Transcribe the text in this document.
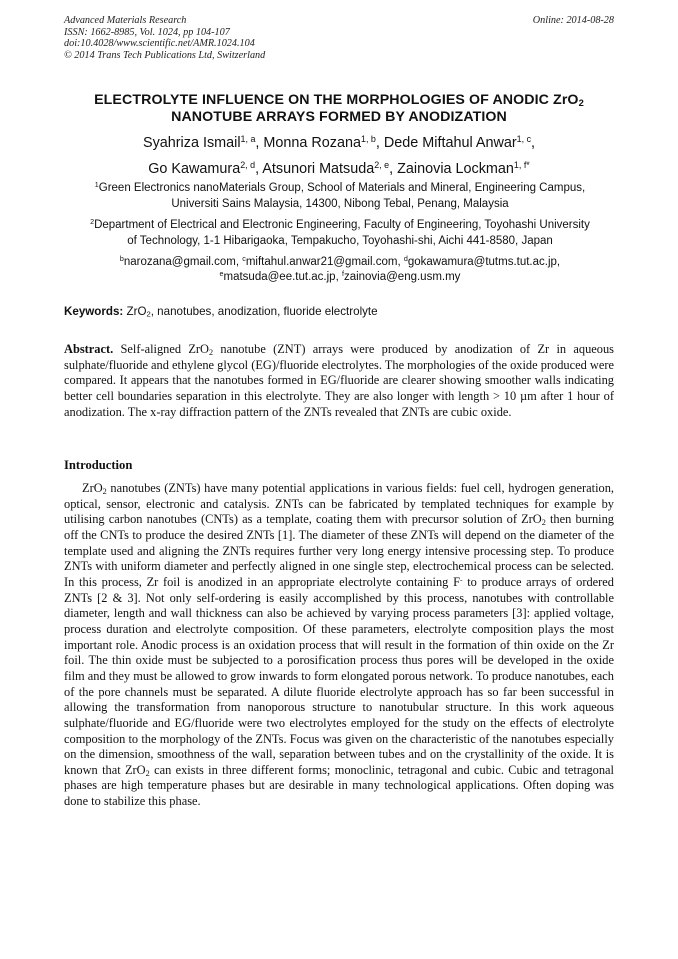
Advanced Materials Research	Online: 2014-08-28
ISSN: 1662-8985, Vol. 1024, pp 104-107
doi:10.4028/www.scientific.net/AMR.1024.104
© 2014 Trans Tech Publications Ltd, Switzerland
ELECTROLYTE INFLUENCE ON THE MORPHOLOGIES OF ANODIC ZrO$_2$
NANOTUBE ARRAYS FORMED BY ANODIZATION
Syahriza Ismail$^{1, a}$, Monna Rozana$^{1, b}$, Dede Miftahul Anwar$^{1, c}$,
Go Kawamura$^{2, d}$, Atsunori Matsuda$^{2, e}$, Zainovia Lockman$^{1, f*}$
$^1$Green Electronics nanoMaterials Group, School of Materials and Mineral, Engineering Campus,
Universiti Sains Malaysia, 14300, Nibong Tebal, Penang, Malaysia
$^2$Department of Electrical and Electronic Engineering, Faculty of Engineering, Toyohashi University
of Technology, 1-1 Hibarigaoka, Tempakucho, Toyohashi-shi, Aichi 441-8580, Japan
$^b$narozana@gmail.com, $^c$miftahul.anwar21@gmail.com, $^d$gokawamura@tutms.tut.ac.jp,
$^e$matsuda@ee.tut.ac.jp, $^f$zainovia@eng.usm.my
Keywords: ZrO$_2$, nanotubes, anodization, fluoride electrolyte

Abstract. Self-aligned ZrO$_2$ nanotube (ZNT) arrays were produced by anodization of Zr in aqueous sulphate/fluoride and ethylene glycol (EG)/fluoride electrolytes. The morphologies of the oxide produced were compared. It appears that the nanotubes formed in EG/fluoride are clearer showing smoother walls indicating better cell boundaries separation in this electrolyte. They are also longer with length > 10 µm after 1 hour of anodization. The x-ray diffraction pattern of the ZNTs revealed that ZNTs are cubic oxide.

Introduction

ZrO$_2$ nanotubes (ZNTs) have many potential applications in various fields: fuel cell, hydrogen generation, optical, sensor, electronic and catalysis. ZNTs can be fabricated by templated techniques for example by utilising carbon nanotubes (CNTs) as a template, coating them with precursor solution of ZrO$_2$ then burning off the CNTs to produce the desired ZNTs [1]. The diameter of these ZNTs will depend on the diameter of the template used and aligning the ZNTs requires further very long energy intensive processing step. To produce ZNTs with uniform diameter and perfectly aligned in one single step, electrochemical process can be selected. In this process, Zr foil is anodized in an appropriate electrolyte containing F- to produce arrays of ordered ZNTs [2 & 3]. Not only self-ordering is easily accomplished by this process, nanotubes with controllable diameter, length and wall thickness can also be achieved by varying process parameters [3]: applied voltage, process duration and electrolyte composition. Of these parameters, electrolyte composition plays the most important role. Anodic process is an oxidation process that will result in the formation of thin oxide on the Zr foil. The thin oxide must be subjected to a porosification process thus pores will be developed in the oxide film and they must be allowed to grow inwards to form elongated porous network. To produce nanotubes, each of the pore channels must be separated. A dilute fluoride electrolyte approach has so far been successful in allowing the transformation from nanoporous structure to nanotubular structure. In this work aqueous sulphate/fluoride and EG/fluoride were two electrolytes employed for the study on the effects of electrolyte composition to the morphology of the ZNTs. Focus was given on the characteristic of the nanotubes especially on the dimension, smoothness of the wall, separation between tubes and on the crystallinity of the oxide. It is known that ZrO$_2$ can exists in three different forms; monoclinic, tetragonal and cubic. Cubic and tetragonal phases are high temperature phases but are desirable in many technological applications. Often doping was done to stabilize this phase.
